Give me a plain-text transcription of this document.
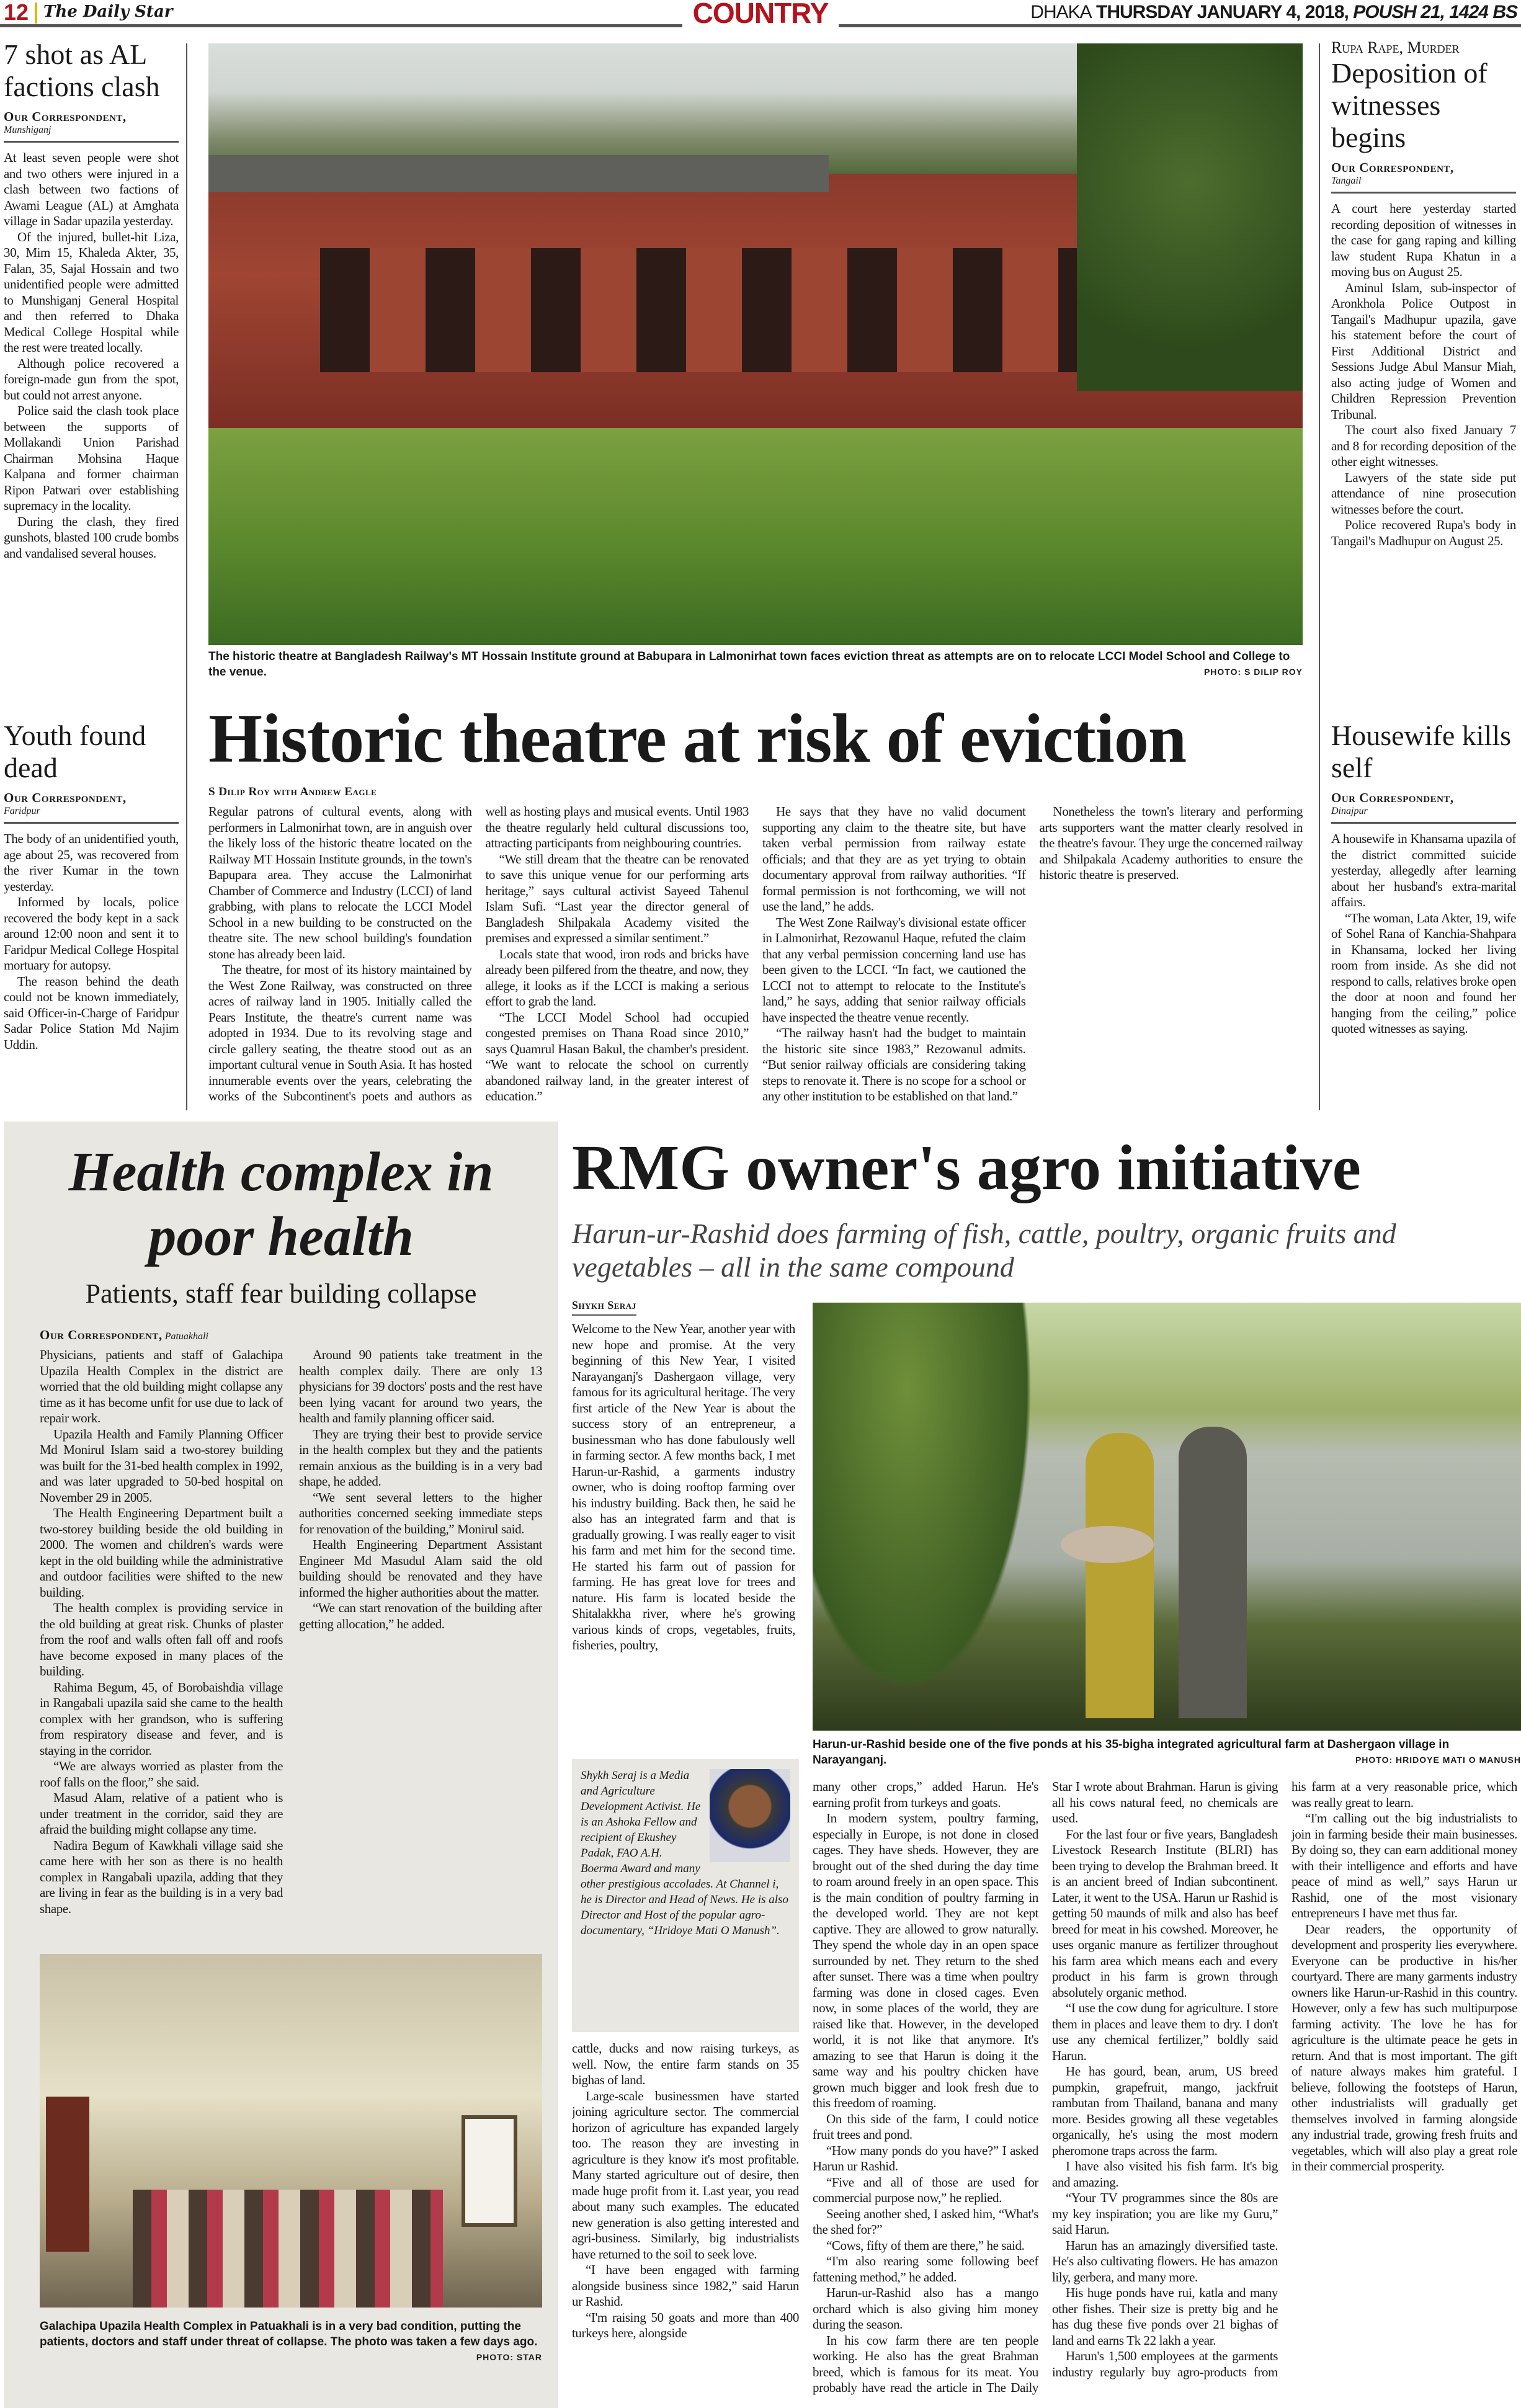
12 The Daily Star	COUNTRY	DHAKA THURSDAY JANUARY 4, 2018, POUSH 21, 1424 BS
7 shot as AL factions clash
Our Correspondent,
Munshiganj

At least seven people were shot and two others were injured in a clash between two factions of Awami League (AL) at Amghata village in Sadar upazila yesterday.

Of the injured, bullet-hit Liza, 30, Mim 15, Khaleda Akter, 35, Falan, 35, Sajal Hossain and two unidentified people were admitted to Munshiganj General Hospital and then referred to Dhaka Medical College Hospital while the rest were treated locally.

Although police recovered a foreign-made gun from the spot, but could not arrest anyone.

Police said the clash took place between the supports of Mollakandi Union Parishad Chairman Mohsina Haque Kalpana and former chairman Ripon Patwari over establishing supremacy in the locality.

During the clash, they fired gunshots, blasted 100 crude bombs and vandalised several houses.

Youth found dead
Our Correspondent,
Faridpur

The body of an unidentified youth, age about 25, was recovered from the river Kumar in the town yesterday.

Informed by locals, police recovered the body kept in a sack around 12:00 noon and sent it to Faridpur Medical College Hospital mortuary for autopsy.

The reason behind the death could not be known immediately, said Officer-in-Charge of Faridpur Sadar Police Station Md Najim Uddin.

Rupa Rape, Murder
Deposition of witnesses begins
Our Correspondent,
Tangail

A court here yesterday started recording deposition of witnesses in the case for gang raping and killing law student Rupa Khatun in a moving bus on August 25.

Aminul Islam, sub-inspector of Aronkhola Police Outpost in Tangail's Madhupur upazila, gave his statement before the court of First Additional District and Sessions Judge Abul Mansur Miah, also acting judge of Women and Children Repression Prevention Tribunal.

The court also fixed January 7 and 8 for recording deposition of the other eight witnesses.

Lawyers of the state side put attendance of nine prosecution witnesses before the court.

Police recovered Rupa's body in Tangail's Madhupur on August 25.

Housewife kills self
Our Correspondent,
Dinajpur

A housewife in Khansama upazila of the district committed suicide yesterday, allegedly after learning about her husband's extra-marital affairs.

“The woman, Lata Akter, 19, wife of Sohel Rana of Kanchia-Shahpara in Khansama, locked her living room from inside. As she did not respond to calls, relatives broke open the door at noon and found her hanging from the ceiling,” police quoted witnesses as saying.

The historic theatre at Bangladesh Railway's MT Hossain Institute ground at Babupara in Lalmonirhat town faces eviction threat as attempts are on to relocate LCCI Model School and College to the venue.	PHOTO: S DILIP ROY
Historic theatre at risk of eviction
S Dilip Roy with Andrew Eagle

Regular patrons of cultural events, along with performers in Lalmonirhat town, are in anguish over the likely loss of the historic theatre located on the Railway MT Hossain Institute grounds, in the town's Bapupara area. They accuse the Lalmonirhat Chamber of Commerce and Industry (LCCI) of land grabbing, with plans to relocate the LCCI Model School in a new building to be constructed on the theatre site. The new school building's foundation stone has already been laid.

The theatre, for most of its history maintained by the West Zone Railway, was constructed on three acres of railway land in 1905. Initially called the Pears Institute, the theatre's current name was adopted in 1934. Due to its revolving stage and circle gallery seating, the theatre stood out as an important cultural venue in South Asia. It has hosted innumerable events over the years, celebrating the works of the Subcontinent's poets and authors as well as hosting plays and musical events. Until 1983 the theatre regularly held cultural discussions too, attracting participants from neighbouring countries.

“We still dream that the theatre can be renovated to save this unique venue for our performing arts heritage,” says cultural activist Sayeed Tahenul Islam Sufi. “Last year the director general of Bangladesh Shilpakala Academy visited the premises and expressed a similar sentiment.”

Locals state that wood, iron rods and bricks have already been pilfered from the theatre, and now, they allege, it looks as if the LCCI is making a serious effort to grab the land.

“The LCCI Model School had occupied congested premises on Thana Road since 2010,” says Quamrul Hasan Bakul, the chamber's president. “We want to relocate the school on currently abandoned railway land, in the greater interest of education.”

He says that they have no valid document supporting any claim to the theatre site, but have taken verbal permission from railway estate officials; and that they are as yet trying to obtain documentary approval from railway authorities. “If formal permission is not forthcoming, we will not use the land,” he adds.

The West Zone Railway's divisional estate officer in Lalmonirhat, Rezowanul Haque, refuted the claim that any verbal permission concerning land use has been given to the LCCI. “In fact, we cautioned the LCCI not to attempt to relocate to the Institute's land,” he says, adding that senior railway officials have inspected the theatre venue recently.

“The railway hasn't had the budget to maintain the historic site since 1983,” Rezowanul admits. “But senior railway officials are considering taking steps to renovate it. There is no scope for a school or any other institution to be established on that land.”

Nonetheless the town's literary and performing arts supporters want the matter clearly resolved in the theatre's favour. They urge the concerned railway and Shilpakala Academy authorities to ensure the historic theatre is preserved.

Health complex in
poor health
Patients, staff fear building collapse
Our Correspondent, Patuakhali

Physicians, patients and staff of Galachipa Upazila Health Complex in the district are worried that the old building might collapse any time as it has become unfit for use due to lack of repair work.

Upazila Health and Family Planning Officer Md Monirul Islam said a two-storey building was built for the 31-bed health complex in 1992, and was later upgraded to 50-bed hospital on November 29 in 2005.

The Health Engineering Department built a two-storey building beside the old building in 2000. The women and children's wards were kept in the old building while the administrative and outdoor facilities were shifted to the new building.

The health complex is providing service in the old building at great risk. Chunks of plaster from the roof and walls often fall off and roofs have become exposed in many places of the building.

Rahima Begum, 45, of Borobaishdia village in Rangabali upazila said she came to the health complex with her grandson, who is suffering from respiratory disease and fever, and is staying in the corridor.

“We are always worried as plaster from the roof falls on the floor,” she said.

Masud Alam, relative of a patient who is under treatment in the corridor, said they are afraid the building might collapse any time.

Nadira Begum of Kawkhali village said she came here with her son as there is no health complex in Rangabali upazila, adding that they are living in fear as the building is in a very bad shape.

Around 90 patients take treatment in the health complex daily. There are only 13 physicians for 39 doctors' posts and the rest have been lying vacant for around two years, the health and family planning officer said.

They are trying their best to provide service in the health complex but they and the patients remain anxious as the building is in a very bad shape, he added.

“We sent several letters to the higher authorities concerned seeking immediate steps for renovation of the building,” Monirul said.

Health Engineering Department Assistant Engineer Md Masudul Alam said the old building should be renovated and they have informed the higher authorities about the matter.

“We can start renovation of the building after getting allocation,” he added.

Galachipa Upazila Health Complex in Patuakhali is in a very bad condition, putting the patients, doctors and staff under threat of collapse. The photo was taken a few days ago.
PHOTO: STAR
RMG owner's agro initiative
Harun-ur-Rashid does farming of fish, cattle, poultry, organic fruits and vegetables – all in the same compound
Shykh Seraj

Welcome to the New Year, another year with new hope and promise. At the very beginning of this New Year, I visited Narayanganj's Dashergaon village, very famous for its agricultural heritage. The very first article of the New Year is about the success story of an entrepreneur, a businessman who has done fabulously well in farming sector. A few months back, I met Harun-ur-Rashid, a garments industry owner, who is doing rooftop farming over his industry building. Back then, he said he also has an integrated farm and that is gradually growing. I was really eager to visit his farm and met him for the second time. He started his farm out of passion for farming. He has great love for trees and nature. His farm is located beside the Shitalakkha river, where he's growing various kinds of crops, vegetables, fruits, fisheries, poultry,

Harun-ur-Rashid beside one of the five ponds at his 35-bigha integrated agricultural farm at Dashergaon village in Narayanganj.	PHOTO: HRIDOYE MATI O MANUSH
Shykh Seraj is a Media and Agriculture Development Activist. He is an Ashoka Fellow and recipient of Ekushey Padak, FAO A.H. Boerma Award and many other prestigious accolades. At Channel i, he is Director and Head of News. He is also Director and Host of the popular agro-documentary, “Hridoye Mati O Manush”.

cattle, ducks and now raising turkeys, as well. Now, the entire farm stands on 35 bighas of land.

Large-scale businessmen have started joining agriculture sector. The commercial horizon of agriculture has expanded largely too. The reason they are investing in agriculture is they know it's most profitable. Many started agriculture out of desire, then made huge profit from it. Last year, you read about many such examples. The educated new generation is also getting interested and agri-business. Similarly, big industrialists have returned to the soil to seek love.

“I have been engaged with farming alongside business since 1982,” said Harun ur Rashid.

“I'm raising 50 goats and more than 400 turkeys here, alongside

many other crops,” added Harun. He's earning profit from turkeys and goats.

In modern system, poultry farming, especially in Europe, is not done in closed cages. They have sheds. However, they are brought out of the shed during the day time to roam around freely in an open space. This is the main condition of poultry farming in the developed world. They are not kept captive. They are allowed to grow naturally. They spend the whole day in an open space surrounded by net. They return to the shed after sunset. There was a time when poultry farming was done in closed cages. Even now, in some places of the world, they are raised like that. However, in the developed world, it is not like that anymore. It's amazing to see that Harun is doing it the same way and his poultry chicken have grown much bigger and look fresh due to this freedom of roaming.

On this side of the farm, I could notice fruit trees and pond.

“How many ponds do you have?” I asked Harun ur Rashid.

“Five and all of those are used for commercial purpose now,” he replied.

Seeing another shed, I asked him, “What's the shed for?”

“Cows, fifty of them are there,” he said.

“I'm also rearing some following beef fattening method,” he added.

Harun-ur-Rashid also has a mango orchard which is also giving him money during the season.

In his cow farm there are ten people working. He also has the great Brahman breed, which is famous for its meat. You probably have read the article in The Daily Star I wrote about Brahman. Harun is giving all his cows natural feed, no chemicals are used.

For the last four or five years, Bangladesh Livestock Research Institute (BLRI) has been trying to develop the Brahman breed. It is an ancient breed of Indian subcontinent. Later, it went to the USA. Harun ur Rashid is getting 50 maunds of milk and also has beef breed for meat in his cowshed. Moreover, he uses organic manure as fertilizer throughout his farm area which means each and every product in his farm is grown through absolutely organic method.

“I use the cow dung for agriculture. I store them in places and leave them to dry. I don't use any chemical fertilizer,” boldly said Harun.

He has gourd, bean, arum, US breed pumpkin, grapefruit, mango, jackfruit rambutan from Thailand, banana and many more. Besides growing all these vegetables organically, he's using the most modern pheromone traps across the farm.

I have also visited his fish farm. It's big and amazing.

“Your TV programmes since the 80s are my key inspiration; you are like my Guru,” said Harun.

Harun has an amazingly diversified taste. He's also cultivating flowers. He has amazon lily, gerbera, and many more.

His huge ponds have rui, katla and many other fishes. Their size is pretty big and he has dug these five ponds over 21 bighas of land and earns Tk 22 lakh a year.

Harun's 1,500 employees at the garments industry regularly buy agro-products from his farm at a very reasonable price, which was really great to learn.

“I'm calling out the big industrialists to join in farming beside their main businesses. By doing so, they can earn additional money with their intelligence and efforts and have peace of mind as well,” says Harun ur Rashid, one of the most visionary entrepreneurs I have met thus far.

Dear readers, the opportunity of development and prosperity lies everywhere. Everyone can be productive in his/her courtyard. There are many garments industry owners like Harun-ur-Rashid in this country. However, only a few has such multipurpose farming activity. The love he has for agriculture is the ultimate peace he gets in return. And that is most important. The gift of nature always makes him grateful. I believe, following the footsteps of Harun, other industrialists will gradually get themselves involved in farming alongside any industrial trade, growing fresh fruits and vegetables, which will also play a great role in their commercial prosperity.
